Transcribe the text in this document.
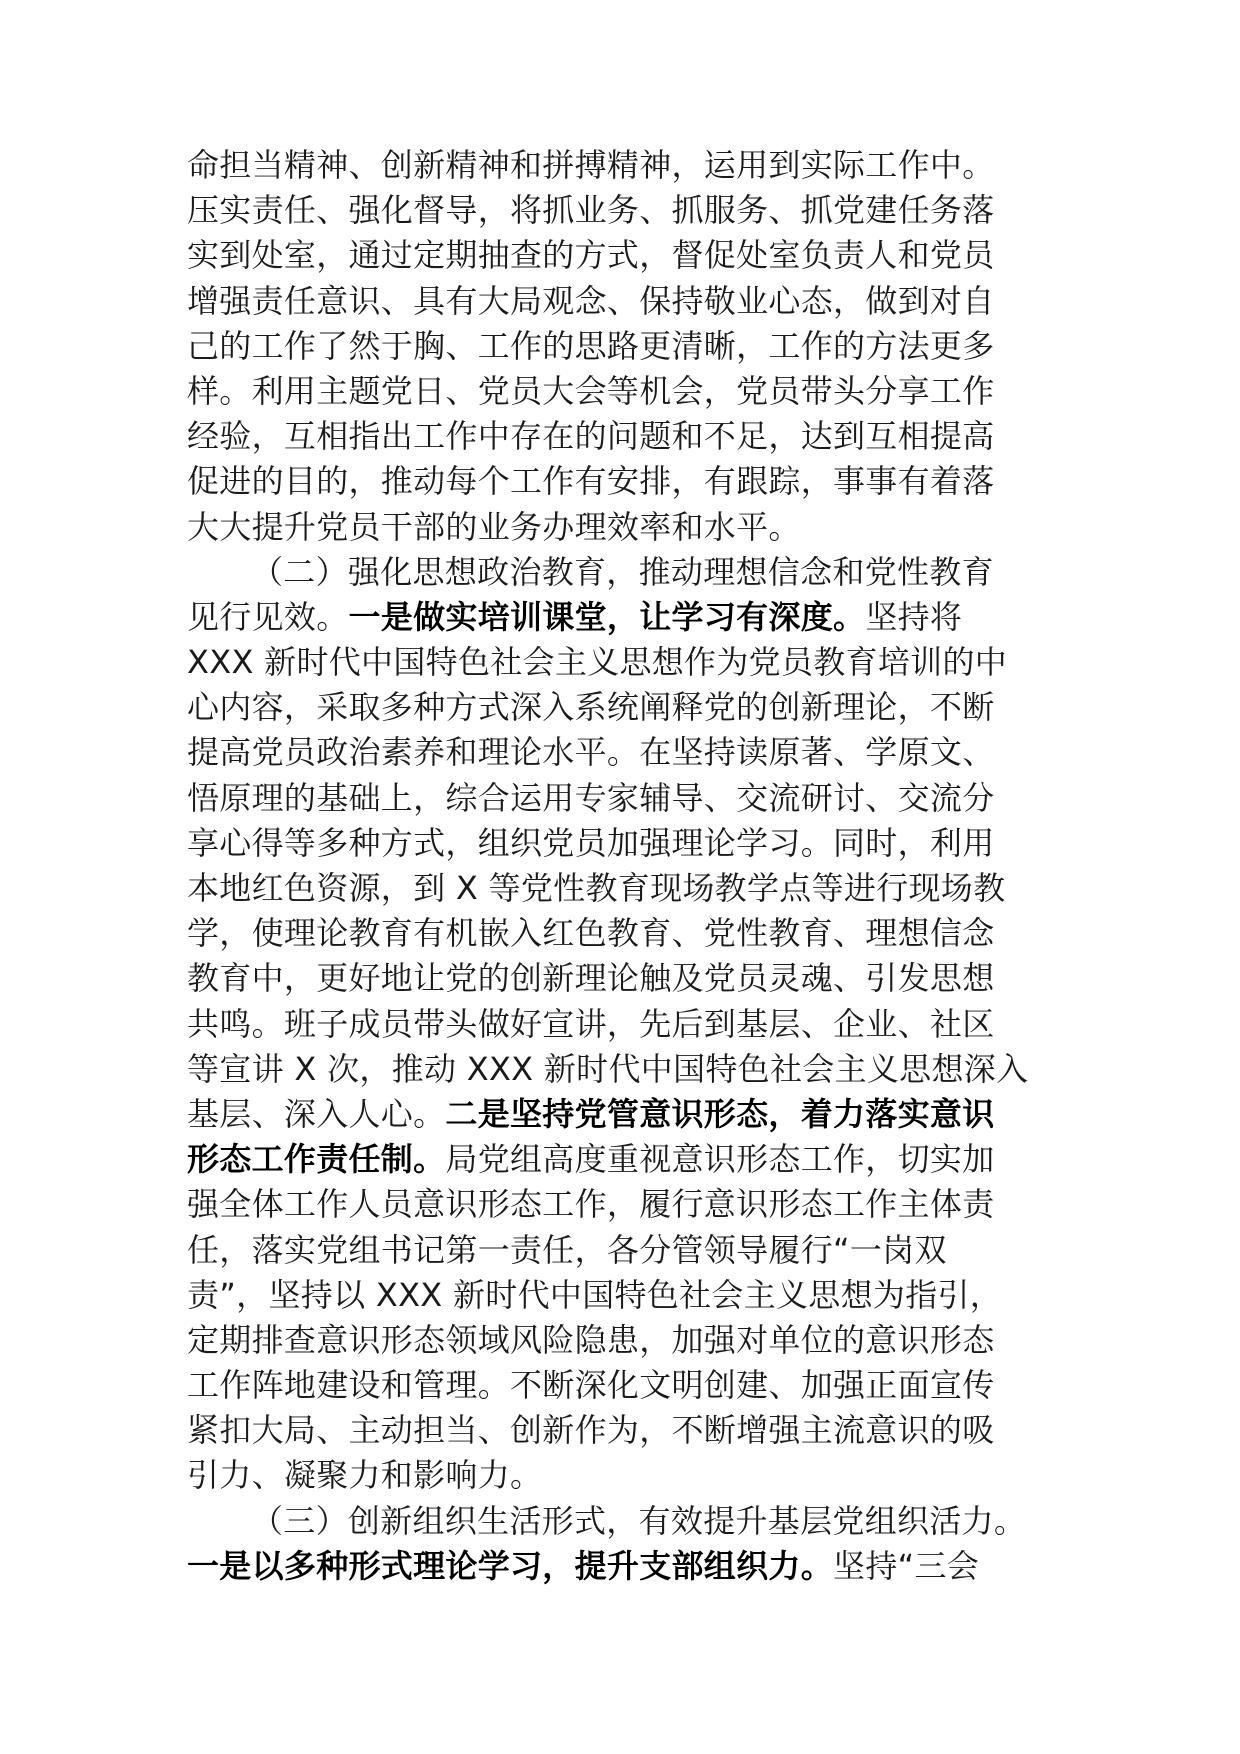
命担当精神、创新精神和拼搏精神，运用到实际工作中。
压实责任、强化督导，将抓业务、抓服务、抓党建任务落
实到处室，通过定期抽查的方式，督促处室负责人和党员
增强责任意识、具有大局观念、保持敬业心态，做到对自
己的工作了然于胸、工作的思路更清晰，工作的方法更多
样。利用主题党日、党员大会等机会，党员带头分享工作
经验，互相指出工作中存在的问题和不足，达到互相提高
促进的目的，推动每个工作有安排，有跟踪，事事有着落
大大提升党员干部的业务办理效率和水平。
（二）强化思想政治教育，推动理想信念和党性教育
见行见效。一是做实培训课堂，让学习有深度。坚持将
XXX 新时代中国特色社会主义思想作为党员教育培训的中
心内容，采取多种方式深入系统阐释党的创新理论，不断
提高党员政治素养和理论水平。在坚持读原著、学原文、
悟原理的基础上，综合运用专家辅导、交流研讨、交流分
享心得等多种方式，组织党员加强理论学习。同时，利用
本地红色资源，到 X 等党性教育现场教学点等进行现场教
学，使理论教育有机嵌入红色教育、党性教育、理想信念
教育中，更好地让党的创新理论触及党员灵魂、引发思想
共鸣。班子成员带头做好宣讲，先后到基层、企业、社区
等宣讲 X 次，推动 XXX 新时代中国特色社会主义思想深入
基层、深入人心。二是坚持党管意识形态，着力落实意识
形态工作责任制。局党组高度重视意识形态工作，切实加
强全体工作人员意识形态工作，履行意识形态工作主体责
任，落实党组书记第一责任，各分管领导履行“一岗双
责”，坚持以 XXX 新时代中国特色社会主义思想为指引，
定期排查意识形态领域风险隐患，加强对单位的意识形态
工作阵地建设和管理。不断深化文明创建、加强正面宣传
紧扣大局、主动担当、创新作为，不断增强主流意识的吸
引力、凝聚力和影响力。
（三）创新组织生活形式，有效提升基层党组织活力。
一是以多种形式理论学习，提升支部组织力。坚持“三会
